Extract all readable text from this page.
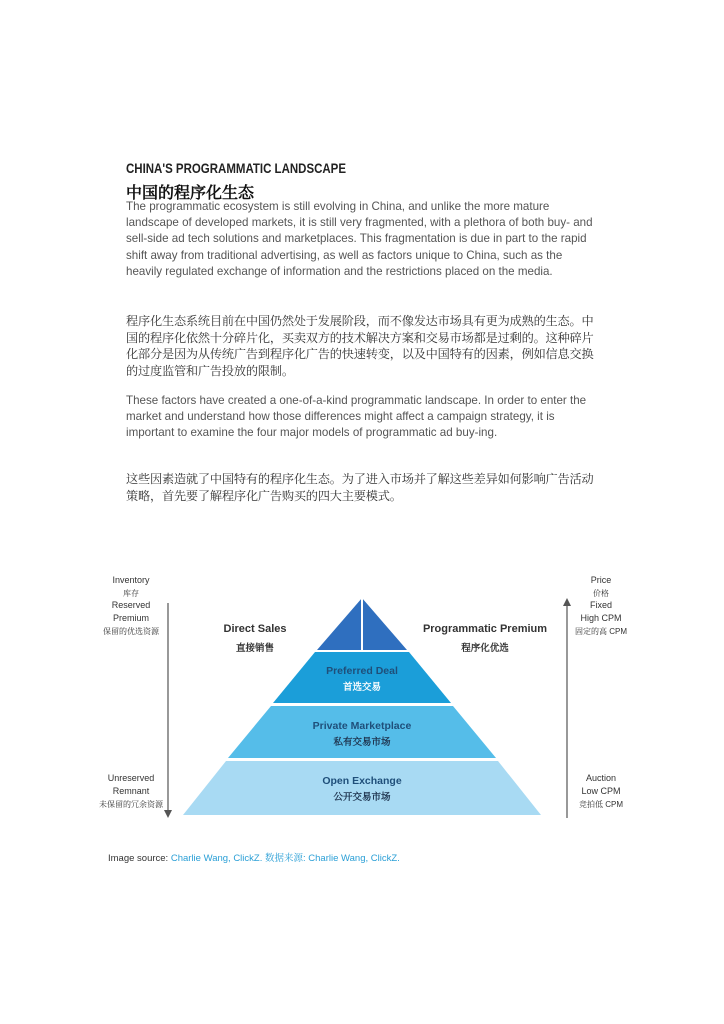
CHINA'S PROGRAMMATIC LANDSCAPE
中国的程序化生态

The programmatic ecosystem is still evolving in China, and unlike the more mature landscape of developed markets, it is still very fragmented, with a plethora of both buy- and sell-side ad tech solutions and marketplaces. This fragmentation is due in part to the rapid shift away from traditional advertising, as well as factors unique to China, such as the heavily regulated exchange of information and the restrictions placed on the media.

程序化生态系统目前在中国仍然处于发展阶段，而不像发达市场具有更为成熟的生态。中国的程序化依然十分碎片化，买卖双方的技术解决方案和交易市场都是过剩的。这种碎片化部分是因为从传统广告到程序化广告的快速转变，以及中国特有的因素，例如信息交换的过度监管和广告投放的限制。

These factors have created a one-of-a-kind programmatic landscape. In order to enter the market and understand how those differences might affect a campaign strategy, it is important to examine the four major models of programmatic ad buy-ing.

这些因素造就了中国特有的程序化生态。为了进入市场并了解这些差异如何影响广告活动策略，首先要了解程序化广告购买的四大主要模式。

Inventory
库存
Reserved
Premium
保留的优选资源
Unreserved
Remnant
未保留的冗余资源
Price
价格
Fixed
High CPM
固定的高 CPM
Auction
Low CPM
竞拍低 CPM
Preferred Deal
首选交易
Private Marketplace
私有交易市场
Open Exchange
公开交易市场
Direct Sales
直接销售
Programmatic Premium
程序化优选
Image source: Charlie Wang, ClickZ. 数据来源: Charlie Wang, ClickZ.
